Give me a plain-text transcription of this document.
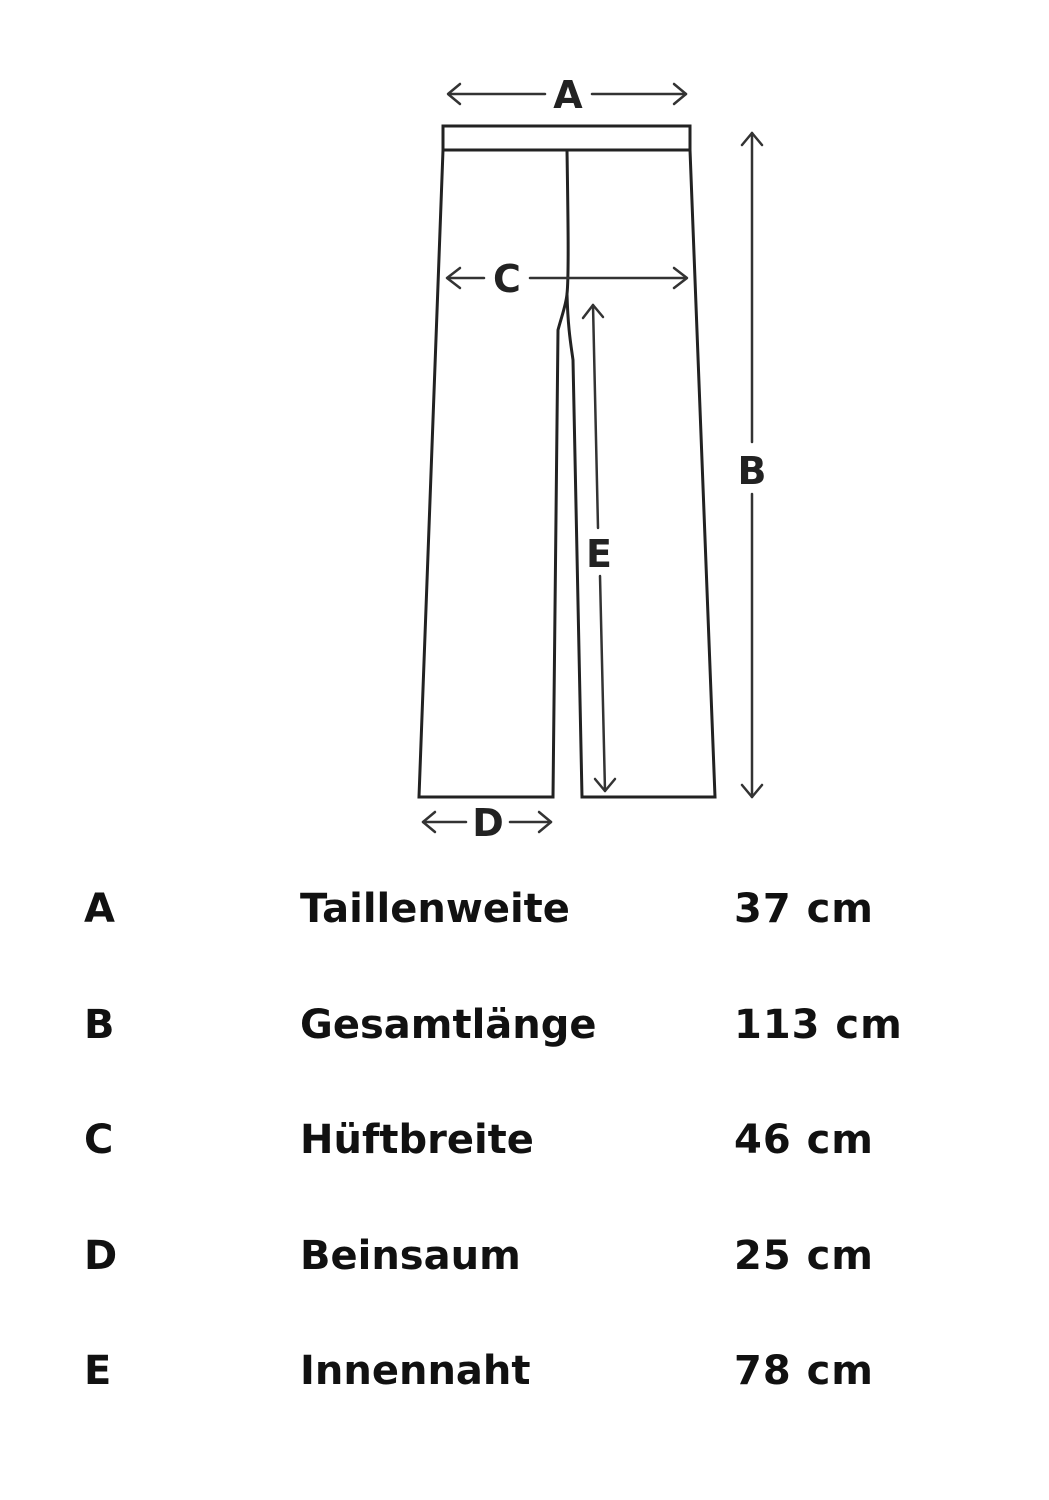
A
C
B
E
D
A	Taillenweite	37 cm
B	Gesamtlänge	113 cm
C	Hüftbreite	46 cm
D	Beinsaum	25 cm
E	Innennaht	78 cm
